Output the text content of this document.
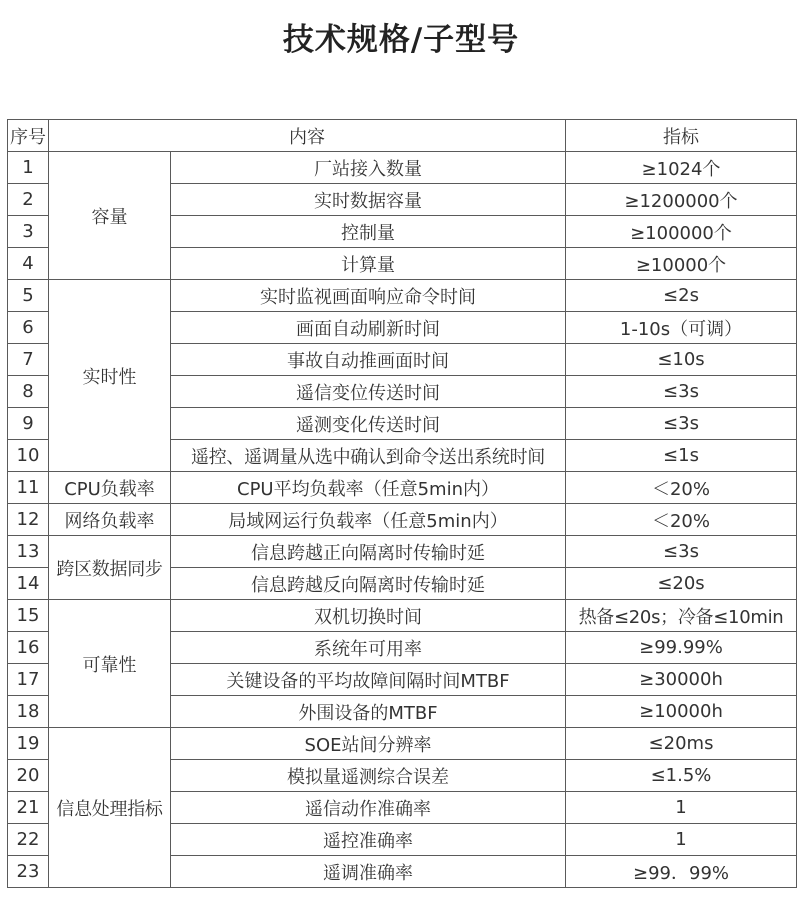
技术规格/子型号
序号	内容		指标
1	容量	厂站接入数量	≥1024个
2		实时数据容量	≥1200000个
3		控制量	≥100000个
4		计算量	≥10000个
5	实时性	实时监视画面响应命令时间	≤2s
6		画面自动刷新时间	1-10s（可调）
7		事故自动推画面时间	≤10s
8		遥信变位传送时间	≤3s
9		遥测变化传送时间	≤3s
10		遥控、遥调量从选中确认到命令送出系统时间	≤1s
11	CPU负载率	CPU平均负载率（任意5min内）	＜20%
12	网络负载率	局域网运行负载率（任意5min内）	＜20%
13	跨区数据同步	信息跨越正向隔离时传输时延	≤3s
14		信息跨越反向隔离时传输时延	≤20s
15	可靠性	双机切换时间	热备≤20s；冷备≤10min
16		系统年可用率	≥99.99%
17		关键设备的平均故障间隔时间MTBF	≥30000h
18		外围设备的MTBF	≥10000h
19	信息处理指标	SOE站间分辨率	≤20ms
20		模拟量遥测综合误差	≤1.5%
21		遥信动作准确率	1
22		遥控准确率	1
23		遥调准确率	≥99．99%
